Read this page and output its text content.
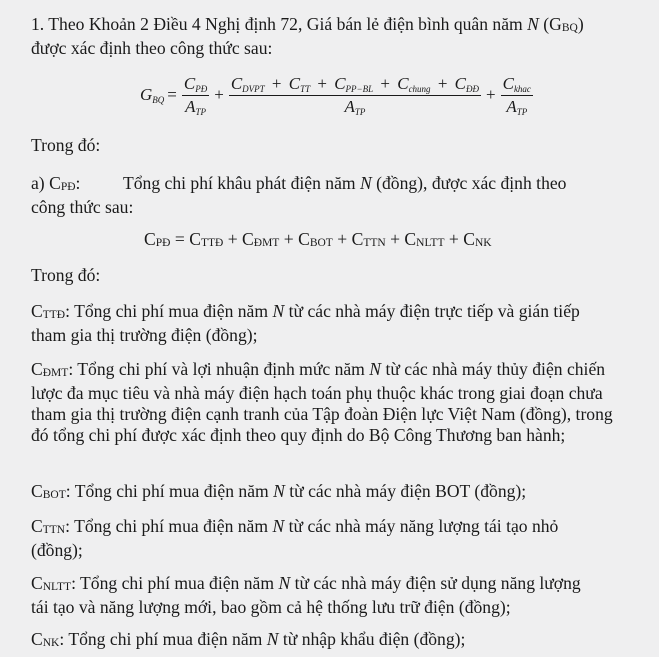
1. Theo Khoản 2 Điều 4 Nghị định 72, Giá bán lẻ điện bình quân năm N (GBQ)
được xác định theo công thức sau:

GBQ = $\frac{\text{CPĐ}}{\text{ATP}}$ +
CDVPT + CTT + CPP−BL + Cchung + CĐĐ
ATP
+ $\frac{\text{Ckhac}}{\text{ATP}}$

Trong đó:

a) CPĐ: Tổng chi phí khâu phát điện năm N (đồng), được xác định theo
công thức sau:

CPĐ = CTTĐ + CĐMT + CBOT + CTTN + CNLTT + CNK

Trong đó:

CTTĐ: Tổng chi phí mua điện năm N từ các nhà máy điện trực tiếp và gián tiếp
tham gia thị trường điện (đồng);

CĐMT: Tổng chi phí và lợi nhuận định mức năm N từ các nhà máy thủy điện chiến lược đa mục tiêu và nhà máy điện hạch toán phụ thuộc khác trong giai đoạn chưa tham gia thị trường điện cạnh tranh của Tập đoàn Điện lực Việt Nam (đồng), trong đó tổng chi phí được xác định theo quy định do Bộ Công Thương ban hành;

CBOT: Tổng chi phí mua điện năm N từ các nhà máy điện BOT (đồng);

CTTN: Tổng chi phí mua điện năm N từ các nhà máy năng lượng tái tạo nhỏ
(đồng);

CNLTT: Tổng chi phí mua điện năm N từ các nhà máy điện sử dụng năng lượng
tái tạo và năng lượng mới, bao gồm cả hệ thống lưu trữ điện (đồng);

CNK: Tổng chi phí mua điện năm N từ nhập khẩu điện (đồng);
